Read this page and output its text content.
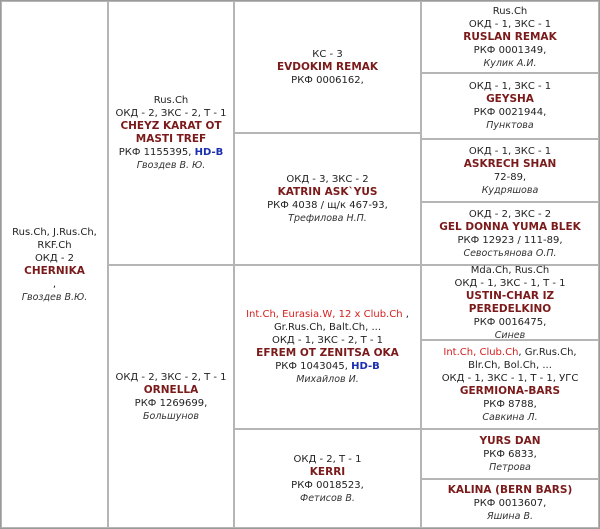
Rus.Ch, J.Rus.Ch, RKF.Ch
ОКД - 2
CHERNIKA
,
Гвоздев В.Ю.
Rus.Ch
ОКД - 2, ЗКС - 2, Т - 1
CHEYZ KARAT OT MASTI TREF
РКФ 1155395, HD-B
Гвоздев В. Ю.
ОКД - 2, ЗКС - 2, Т - 1
ORNELLA
РКФ 1269699,
Большунов
КС - 3
EVDOKIM REMAK
РКФ 0006162,
ОКД - 3, ЗКС - 2
KATRIN ASK`YUS
РКФ 4038 / щ/к 467-93,
Трефилова Н.П.
Int.Ch, Eurasia.W, 12 x Club.Ch ,
Gr.Rus.Ch, Balt.Ch, ...
ОКД - 1, ЗКС - 2, Т - 1
EFREM OT ZENITSA OKA
РКФ 1043045, HD-B
Михайлов И.
ОКД - 2, Т - 1
KERRI
РКФ 0018523,
Фетисов В.
Rus.Ch
ОКД - 1, ЗКС - 1
RUSLAN REMAK
РКФ 0001349,
Кулик А.И.
ОКД - 1, ЗКС - 1
GEYSHA
РКФ 0021944,
Пунктова
ОКД - 1, ЗКС - 1
ASKRECH SHAN
72-89,
Кудряшова
ОКД - 2, ЗКС - 2
GEL DONNA YUMA BLEK
РКФ 12923 / 111-89,
Севостьянова О.П.
Mda.Ch, Rus.Ch
ОКД - 1, ЗКС - 1, Т - 1
USTIN-CHAR IZ PEREDELKINO
РКФ 0016475,
Синев
Int.Ch, Club.Ch, Gr.Rus.Ch,
Blr.Ch, Bol.Ch, ...
ОКД - 1, ЗКС - 1, Т - 1, УГС
GERMIONA-BARS
РКФ 8788,
Савкина Л.
YURS DAN
РКФ 6833,
Петрова
KALINA (BERN BARS)
РКФ 0013607,
Яшина В.
